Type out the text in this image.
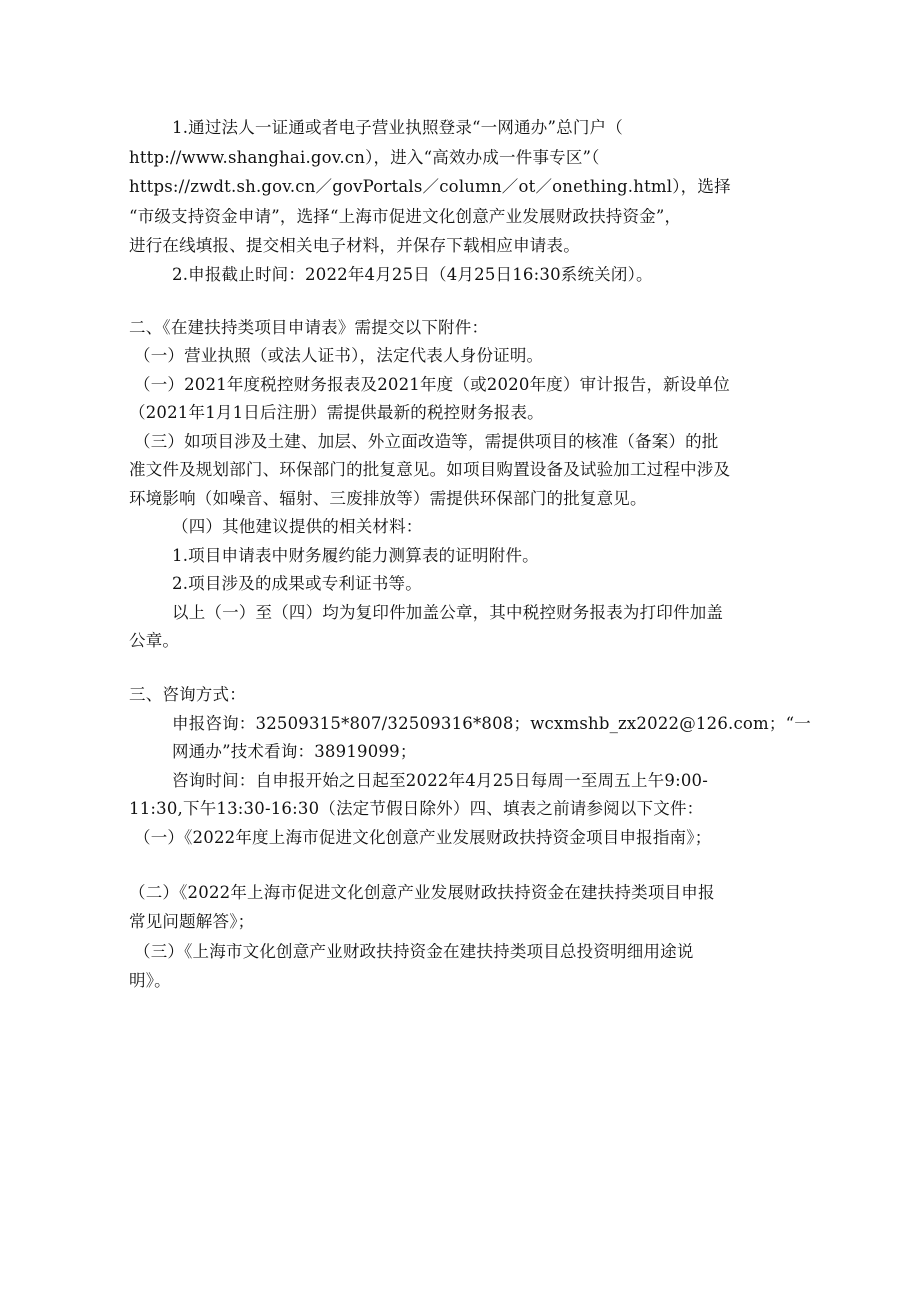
1.通过法人一证通或者电子营业执照登录“一网通办”总门户（
http://www.shanghai.gov.cn），进入“高效办成一件事专区”（
https://zwdt.sh.gov.cn／govPortals／column／ot／onething.html），选择
“市级支持资金申请”，选择“上海市促进文化创意产业发展财政扶持资金”，
进行在线填报、提交相关电子材料，并保存下载相应申请表。
2.申报截止时间：2022年4月25日（4月25日16:30系统关闭）。
二、《在建扶持类项目申请表》需提交以下附件：
（一）营业执照（或法人证书），法定代表人身份证明。
（一）2021年度税控财务报表及2021年度（或2020年度）审计报告，新设单位
（2021年1月1日后注册）需提供最新的税控财务报表。
（三）如项目涉及土建、加层、外立面改造等，需提供项目的核准（备案）的批
准文件及规划部门、环保部门的批复意见。如项目购置设备及试验加工过程中涉及
环境影响（如噪音、辐射、三废排放等）需提供环保部门的批复意见。
（四）其他建议提供的相关材料：
1.项目申请表中财务履约能力测算表的证明附件。
2.项目涉及的成果或专利证书等。
以上（一）至（四）均为复印件加盖公章，其中税控财务报表为打印件加盖
公章。
三、咨询方式：
申报咨询：32509315*807/32509316*808；wcxmshb_zx2022@126.com；“一
网通办”技术看询：38919099；
咨询时间：自申报开始之日起至2022年4月25日每周一至周五上午9:00-
11:30,下午13:30-16:30（法定节假日除外）四、填表之前请参阅以下文件：
（一）《2022年度上海市促进文化创意产业发展财政扶持资金项目申报指南》；
（二）《2022年上海市促进文化创意产业发展财政扶持资金在建扶持类项目申报
常见问题解答》；
（三）《上海市文化创意产业财政扶持资金在建扶持类项目总投资明细用途说
明》。
